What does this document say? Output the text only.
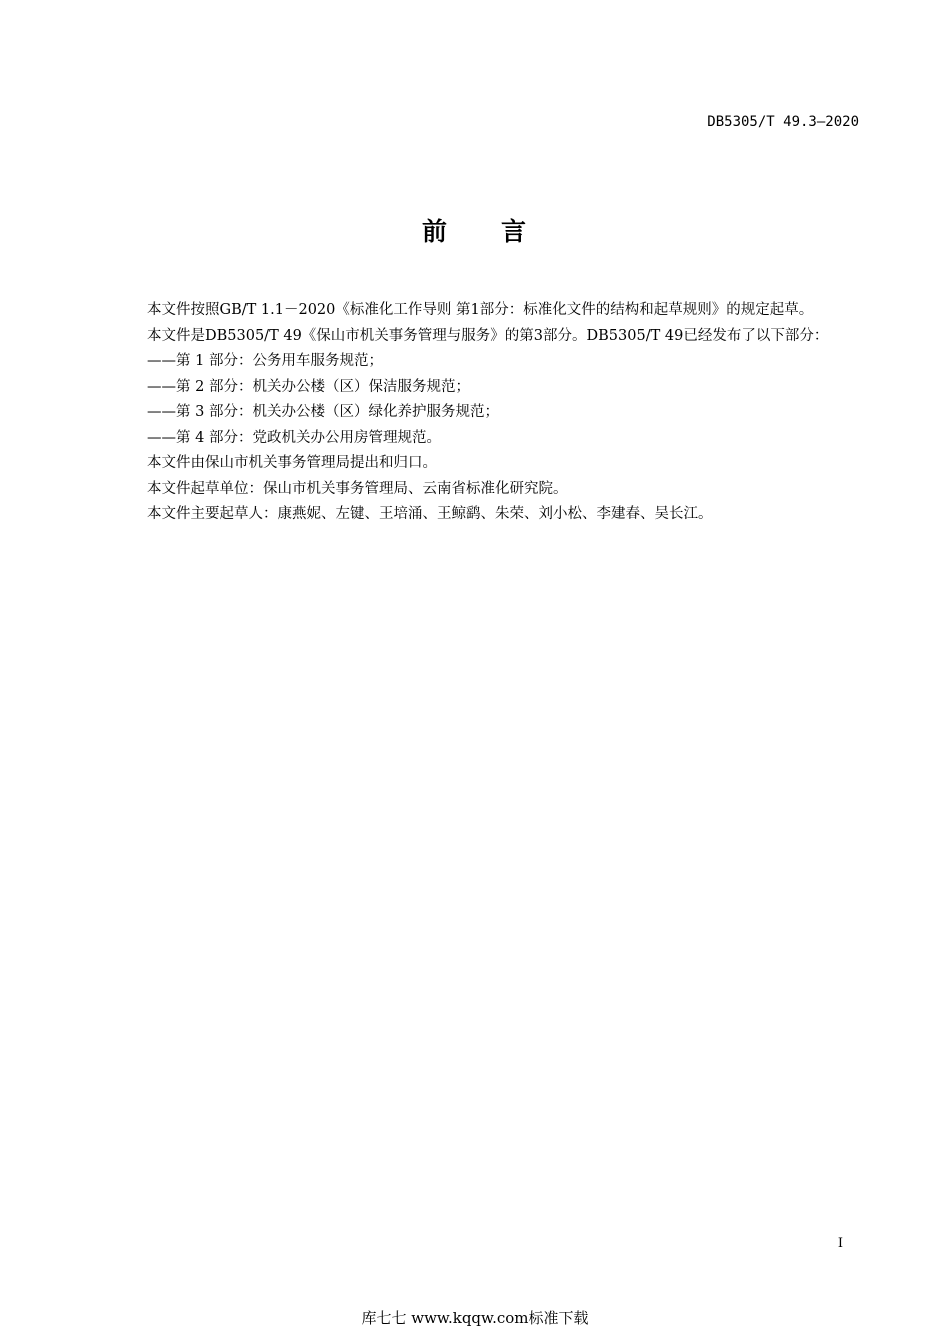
DB5305/T 49.3—2020
前 言

本文件按照GB/T 1.1－2020《标准化工作导则 第1部分：标准化文件的结构和起草规则》的规定起草。

本文件是DB5305/T 49《保山市机关事务管理与服务》的第3部分。DB5305/T 49已经发布了以下部分：

——第 1 部分：公务用车服务规范；

——第 2 部分：机关办公楼（区）保洁服务规范；

——第 3 部分：机关办公楼（区）绿化养护服务规范；

——第 4 部分：党政机关办公用房管理规范。

本文件由保山市机关事务管理局提出和归口。

本文件起草单位：保山市机关事务管理局、云南省标准化研究院。

本文件主要起草人：康燕妮、左键、王培涌、王鲸鹞、朱荣、刘小松、李建春、吴长江。

I
库七七 www.kqqw.com标准下载
